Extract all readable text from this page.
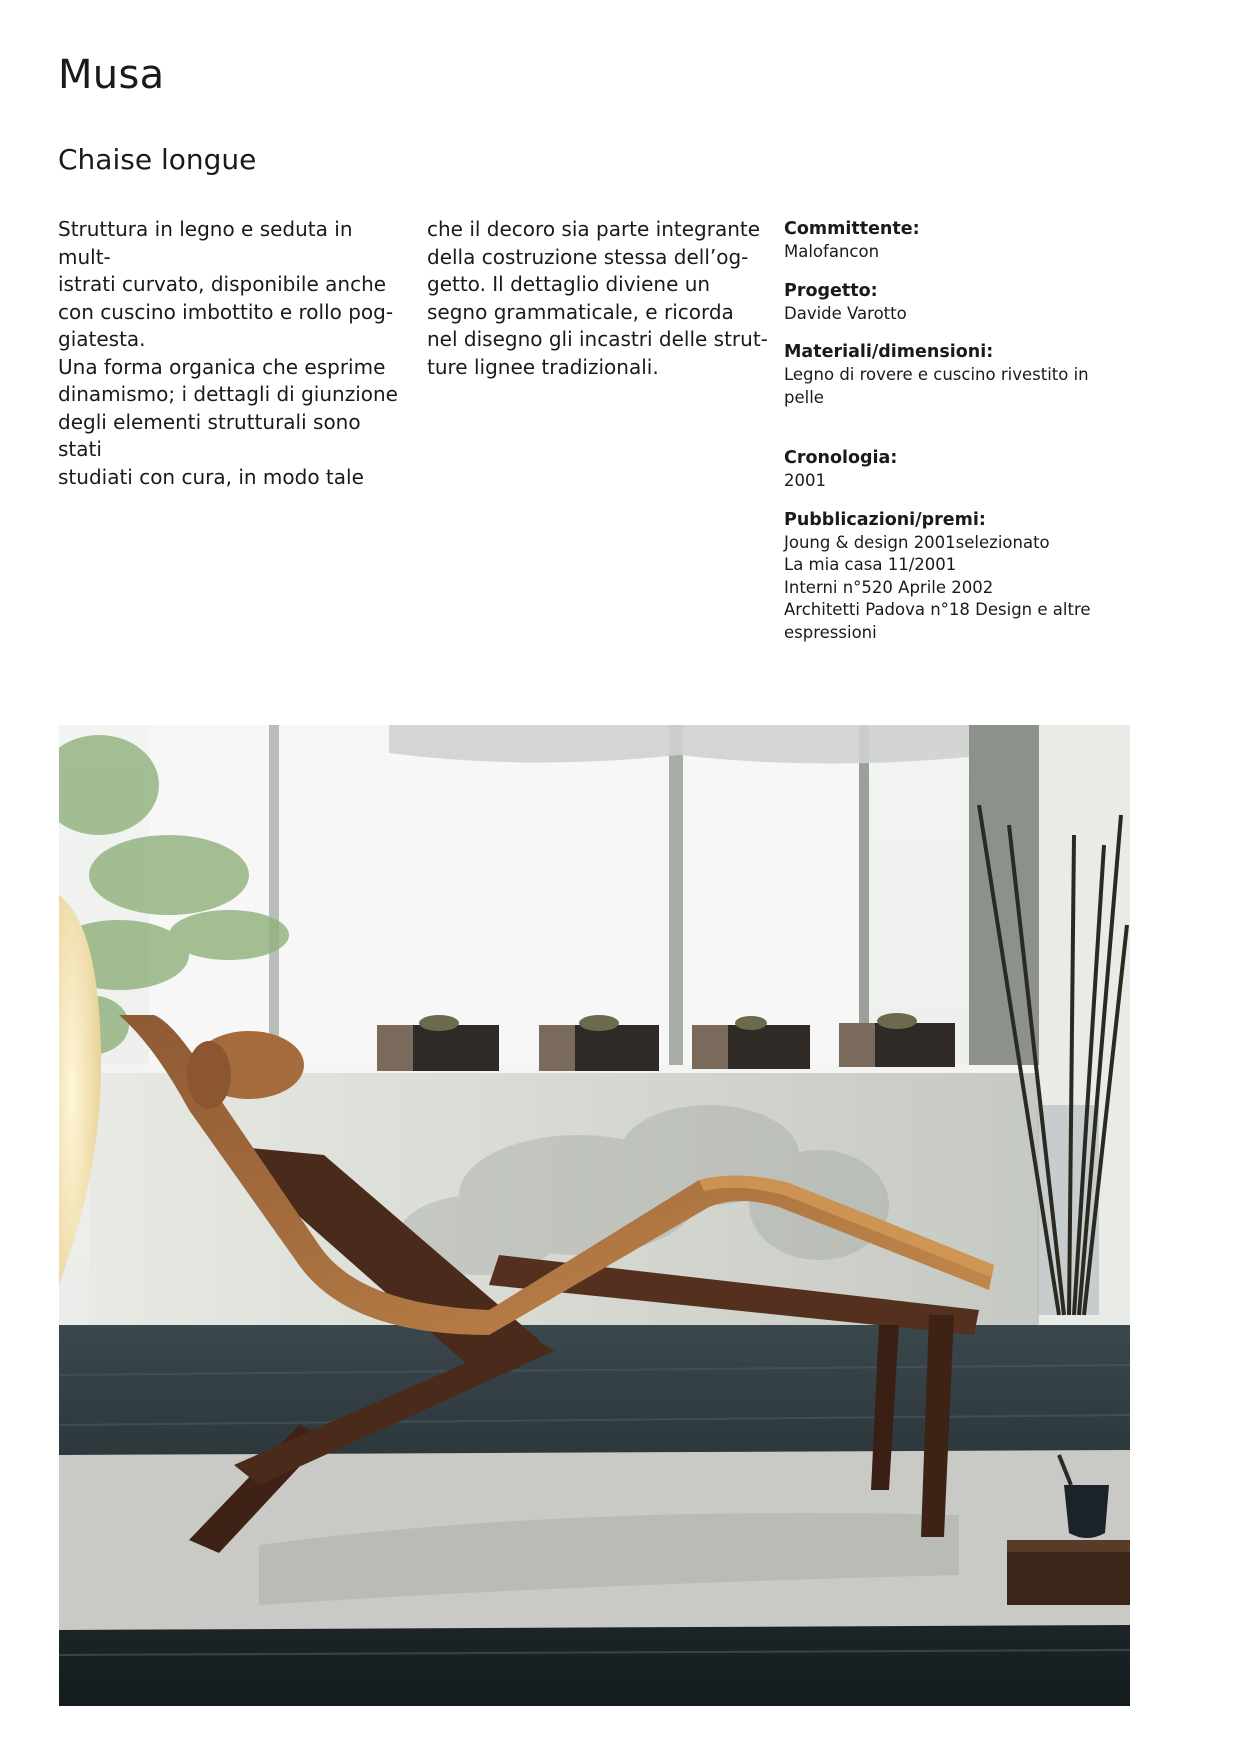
Musa
Chaise longue
Struttura in legno e seduta in mult-
istrati curvato, disponibile anche
con cuscino imbottito e rollo pog-
giatesta.
Una forma organica che esprime
dinamismo; i dettagli di giunzione
degli elementi strutturali sono stati
studiati con cura, in modo tale
che il decoro sia parte integrante
della costruzione stessa dell’og-
getto. Il dettaglio diviene un
segno grammaticale, e ricorda
nel disegno gli incastri delle strut-
ture lignee tradizionali.
Committente:
Malofancon
Progetto:
Davide Varotto
Materiali/dimensioni:
Legno di rovere e cuscino rivestito in
pelle
Cronologia:
2001
Pubblicazioni/premi:
Joung & design 2001selezionato
La mia casa 11/2001
Interni n°520 Aprile 2002
Architetti Padova n°18 Design e altre
espressioni
